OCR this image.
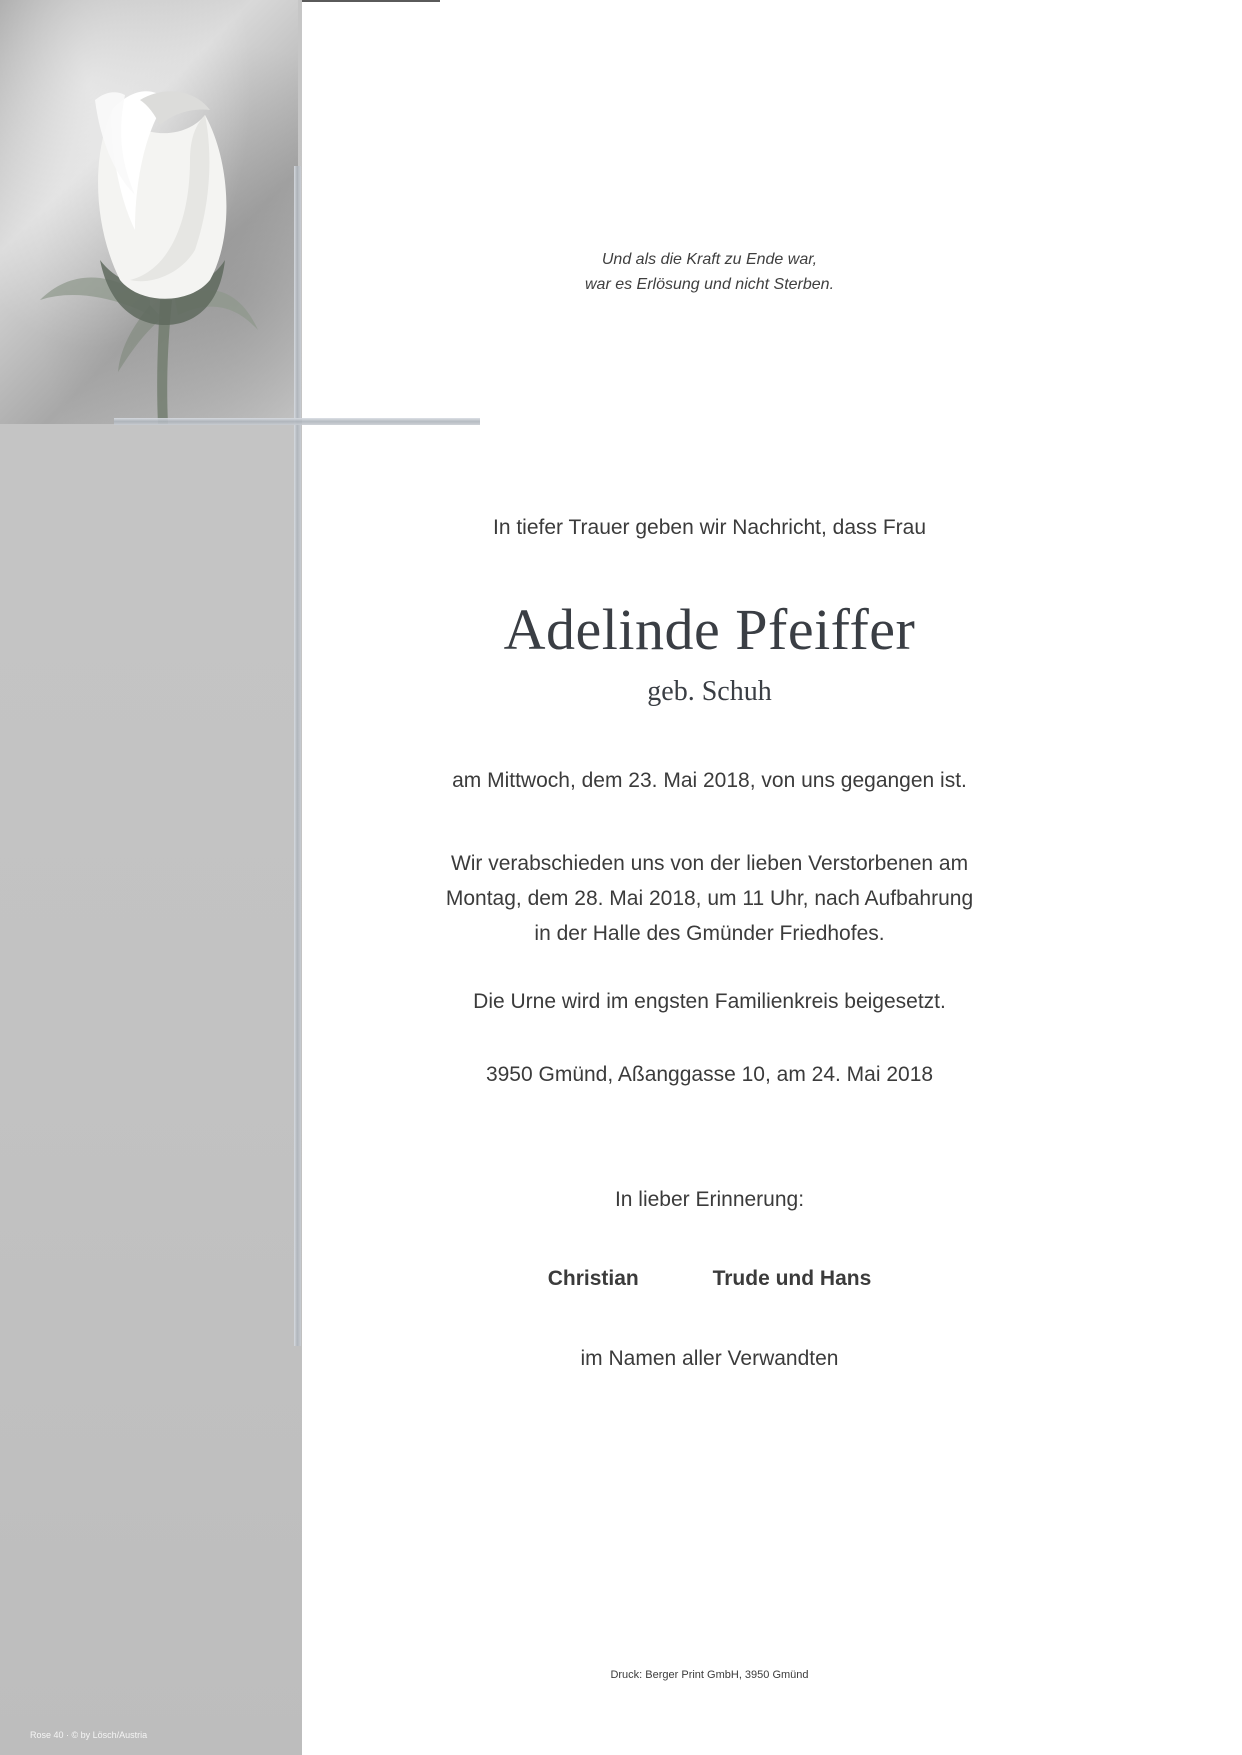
Rose 40 · © by Lösch/Austria
Und als die Kraft zu Ende war,
war es Erlösung und nicht Sterben.
In tiefer Trauer geben wir Nachricht, dass Frau
Adelinde Pfeiffer
geb. Schuh
am Mittwoch, dem 23. Mai 2018, von uns gegangen ist.
Wir verabschieden uns von der lieben Verstorbenen am
Montag, dem 28. Mai 2018, um 11 Uhr, nach Aufbahrung
in der Halle des Gmünder Friedhofes.
Die Urne wird im engsten Familienkreis beigesetzt.
3950 Gmünd, Aßanggasse 10, am 24. Mai 2018
In lieber Erinnerung:
Christian	Trude und Hans
im Namen aller Verwandten
Druck: Berger Print GmbH, 3950 Gmünd
